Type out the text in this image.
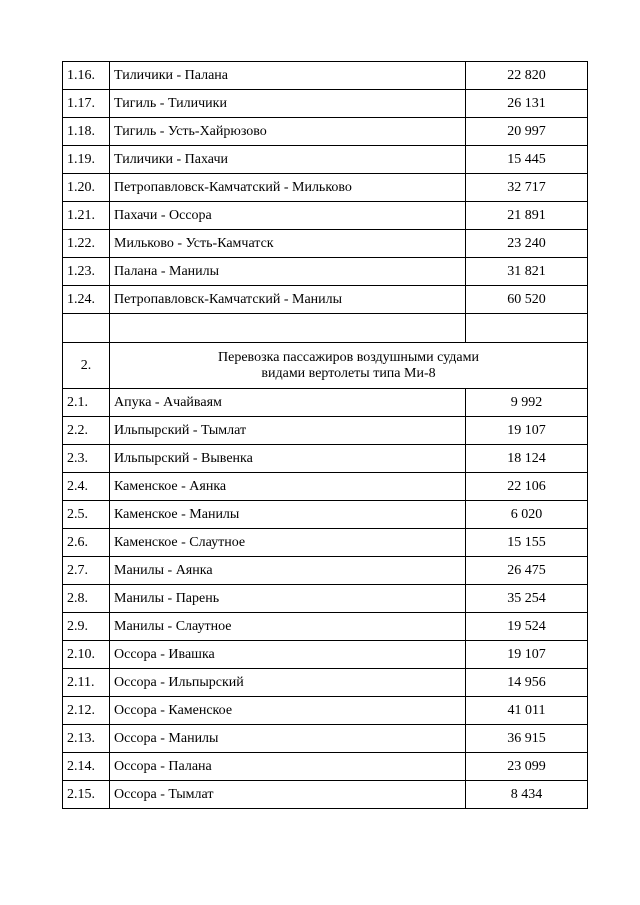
1.16.	Тиличики - Палана	22 820
1.17.	Тигиль - Тиличики	26 131
1.18.	Тигиль - Усть-Хайрюзово	20 997
1.19.	Тиличики - Пахачи	15 445
1.20.	Петропавловск-Камчатский - Мильково	32 717
1.21.	Пахачи - Оссора	21 891
1.22.	Мильково - Усть-Камчатск	23 240
1.23.	Палана - Манилы	31 821
1.24.	Петропавловск-Камчатский - Манилы	60 520

2.	Перевозка пассажиров воздушными судами
видами вертолеты типа Ми-8	

2.1.	Апука - Ачайваям	9 992
2.2.	Ильпырский - Тымлат	19 107
2.3.	Ильпырский - Вывенка	18 124
2.4.	Каменское - Аянка	22 106
2.5.	Каменское - Манилы	6 020
2.6.	Каменское - Слаутное	15 155
2.7.	Манилы - Аянка	26 475
2.8.	Манилы - Парень	35 254
2.9.	Манилы - Слаутное	19 524
2.10.	Оссора - Ивашка	19 107
2.11.	Оссора - Ильпырский	14 956
2.12.	Оссора - Каменское	41 011
2.13.	Оссора - Манилы	36 915
2.14.	Оссора - Палана	23 099
2.15.	Оссора - Тымлат	8 434
